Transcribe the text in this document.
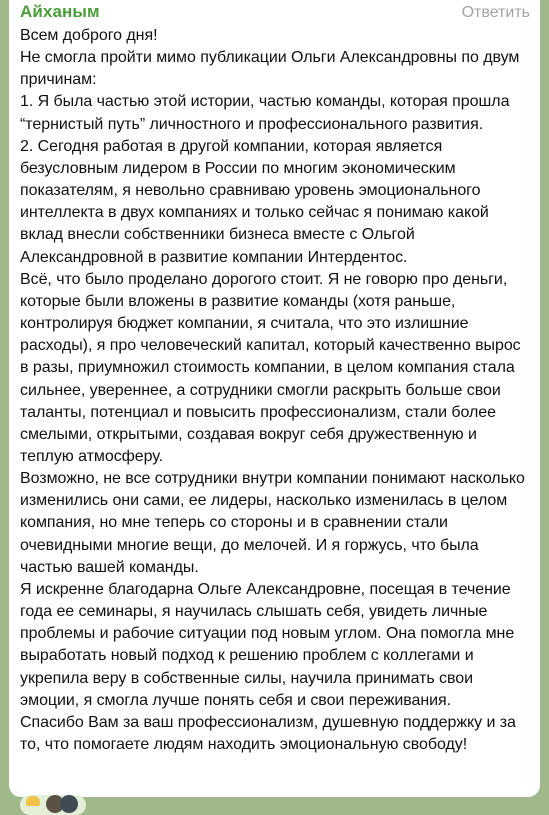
Айханым	Ответить

Всем доброго дня!

Не смогла пройти мимо публикации Ольги Александровны по двум причинам:

1. Я была частью этой истории, частью команды, которая прошла “тернистый путь” личностного и профессионального развития.

2. Сегодня работая в другой компании, которая является безусловным лидером в России по многим экономическим показателям, я невольно сравниваю уровень эмоционального интеллекта в двух компаниях и только сейчас я понимаю какой вклад внесли собственники бизнеса вместе с Ольгой Александровной в развитие компании Интердентос.

Всё, что было проделано дорогого стоит. Я не говорю про деньги, которые были вложены в развитие команды (хотя раньше, контролируя бюджет компании, я считала, что это излишние расходы), я про человеческий капитал, который качественно вырос в разы, приумножил стоимость компании, в целом компания стала сильнее, увереннее, а сотрудники смогли раскрыть больше свои таланты, потенциал и повысить профессионализм, стали более смелыми, открытыми, создавая вокруг себя дружественную и теплую атмосферу.

Возможно, не все сотрудники внутри компании понимают насколько изменились они сами, ее лидеры, насколько изменилась в целом компания, но мне теперь со стороны и в сравнении стали очевидными многие вещи, до мелочей. И я горжусь, что была частью вашей команды.

Я искренне благодарна Ольге Александровне, посещая в течение года ее семинары, я научилась слышать себя, увидеть личные проблемы и рабочие ситуации под новым углом. Она помогла мне выработать новый подход к решению проблем с коллегами и укрепила веру в собственные силы, научила принимать свои эмоции, я смогла лучше понять себя и свои переживания.

Спасибо Вам за ваш профессионализм, душевную поддержку и за то, что помогаете людям находить эмоциональную свободу!
